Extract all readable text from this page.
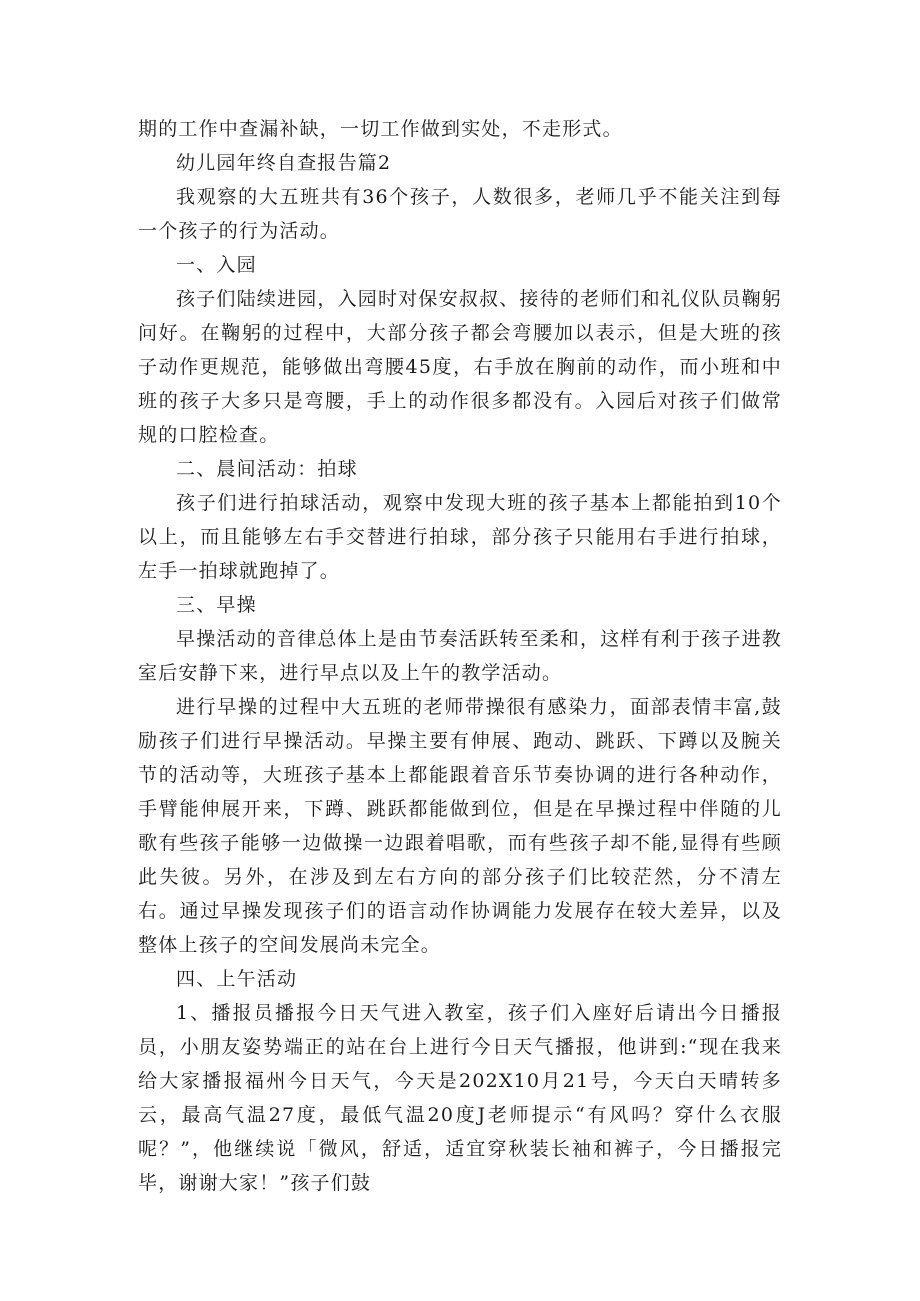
期的工作中查漏补缺，一切工作做到实处，不走形式。

幼儿园年终自查报告篇2

我观察的大五班共有36个孩子，人数很多，老师几乎不能关注到每一个孩子的行为活动。

一、入园

孩子们陆续进园，入园时对保安叔叔、接待的老师们和礼仪队员鞠躬问好。在鞠躬的过程中，大部分孩子都会弯腰加以表示，但是大班的孩子动作更规范，能够做出弯腰45度，右手放在胸前的动作，而小班和中班的孩子大多只是弯腰，手上的动作很多都没有。入园后对孩子们做常规的口腔检查。

二、晨间活动：拍球

孩子们进行拍球活动，观察中发现大班的孩子基本上都能拍到10个以上，而且能够左右手交替进行拍球，部分孩子只能用右手进行拍球，左手一拍球就跑掉了。

三、早操

早操活动的音律总体上是由节奏活跃转至柔和，这样有利于孩子进教室后安静下来，进行早点以及上午的教学活动。

进行早操的过程中大五班的老师带操很有感染力，面部表情丰富,鼓励孩子们进行早操活动。早操主要有伸展、跑动、跳跃、下蹲以及腕关节的活动等，大班孩子基本上都能跟着音乐节奏协调的进行各种动作，手臂能伸展开来，下蹲、跳跃都能做到位，但是在早操过程中伴随的儿歌有些孩子能够一边做操一边跟着唱歌，而有些孩子却不能,显得有些顾此失彼。另外，在涉及到左右方向的部分孩子们比较茫然，分不清左右。通过早操发现孩子们的语言动作协调能力发展存在较大差异，以及整体上孩子的空间发展尚未完全。

四、上午活动

1、播报员播报今日天气进入教室，孩子们入座好后请出今日播报员，小朋友姿势端正的站在台上进行今日天气播报，他讲到:“现在我来给大家播报福州今日天气，今天是202X10月21号，今天白天晴转多云，最高气温27度，最低气温20度J老师提示“有风吗？穿什么衣服呢？”，他继续说「微风，舒适，适宜穿秋装长袖和裤子，今日播报完毕，谢谢大家！”孩子们鼓
